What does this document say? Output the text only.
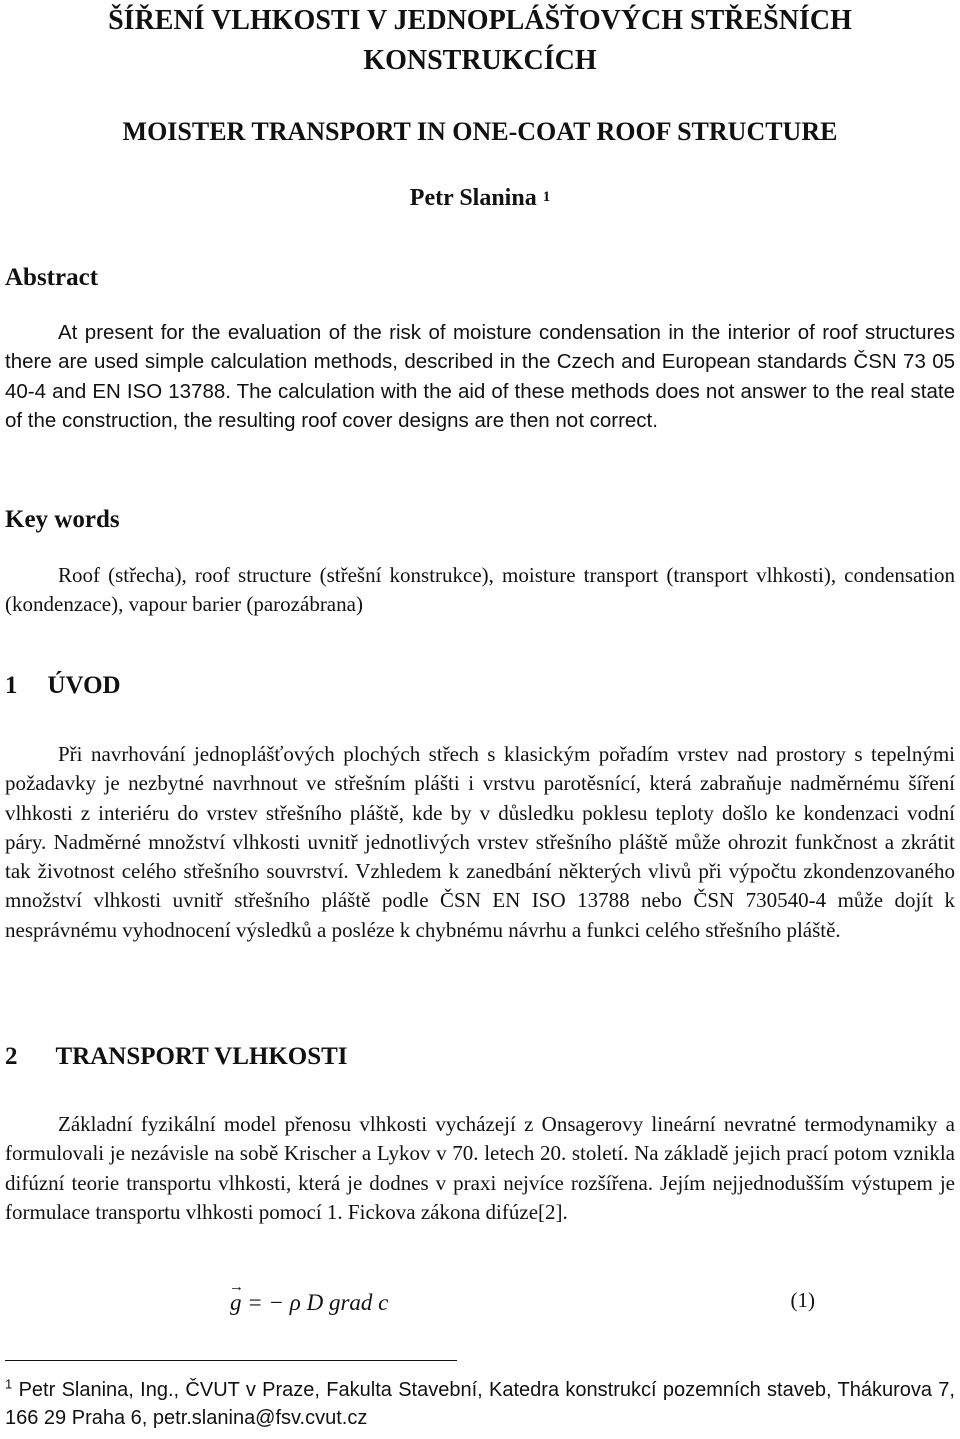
ŠÍŘENÍ VLHKOSTI V JEDNOPLÁŠŤOVÝCH STŘEŠNÍCH
KONSTRUKCÍCH
MOISTER TRANSPORT IN ONE-COAT ROOF STRUCTURE
Petr Slanina $^1$
Abstract
At present for the evaluation of the risk of moisture condensation in the interior of roof structures there are used simple calculation methods, described in the Czech and European standards ČSN 73 05 40-4 and EN ISO 13788. The calculation with the aid of these methods does not answer to the real state of the construction, the resulting roof cover designs are then not correct.
Key words
Roof (střecha), roof structure (střešní konstrukce), moisture transport (transport vlhkosti), condensation (kondenzace), vapour barier (parozábrana)
1 ÚVOD
Při navrhování jednoplášťových plochých střech s klasickým pořadím vrstev nad prostory s tepelnými požadavky je nezbytné navrhnout ve střešním plášti i vrstvu parotěsnící, která zabraňuje nadměrnému šíření vlhkosti z interiéru do vrstev střešního pláště, kde by v důsledku poklesu teploty došlo ke kondenzaci vodní páry. Nadměrné množství vlhkosti uvnitř jednotlivých vrstev střešního pláště může ohrozit funkčnost a zkrátit tak životnost celého střešního souvrství. Vzhledem k zanedbání některých vlivů při výpočtu zkondenzovaného množství vlhkosti uvnitř střešního pláště podle ČSN EN ISO 13788 nebo ČSN 730540-4 může dojít k nesprávnému vyhodnocení výsledků a posléze k chybnému návrhu a funkci celého střešního pláště.
2 TRANSPORT VLHKOSTI
Základní fyzikální model přenosu vlhkosti vycházejí z Onsagerovy lineární nevratné termodynamiky a formulovali je nezávisle na sobě Krischer a Lykov v 70. letech 20. století. Na základě jejich prací potom vznikla difúzní teorie transportu vlhkosti, která je dodnes v praxi nejvíce rozšířena. Jejím nejjednodušším výstupem je formulace transportu vlhkosti pomocí 1. Fickova zákona difúze[2].
→ g = − ρ D grad c	(1)
$^1$ Petr Slanina, Ing., ČVUT v Praze, Fakulta Stavební, Katedra konstrukcí pozemních staveb, Thákurova 7, 166 29 Praha 6, petr.slanina@fsv.cvut.cz
